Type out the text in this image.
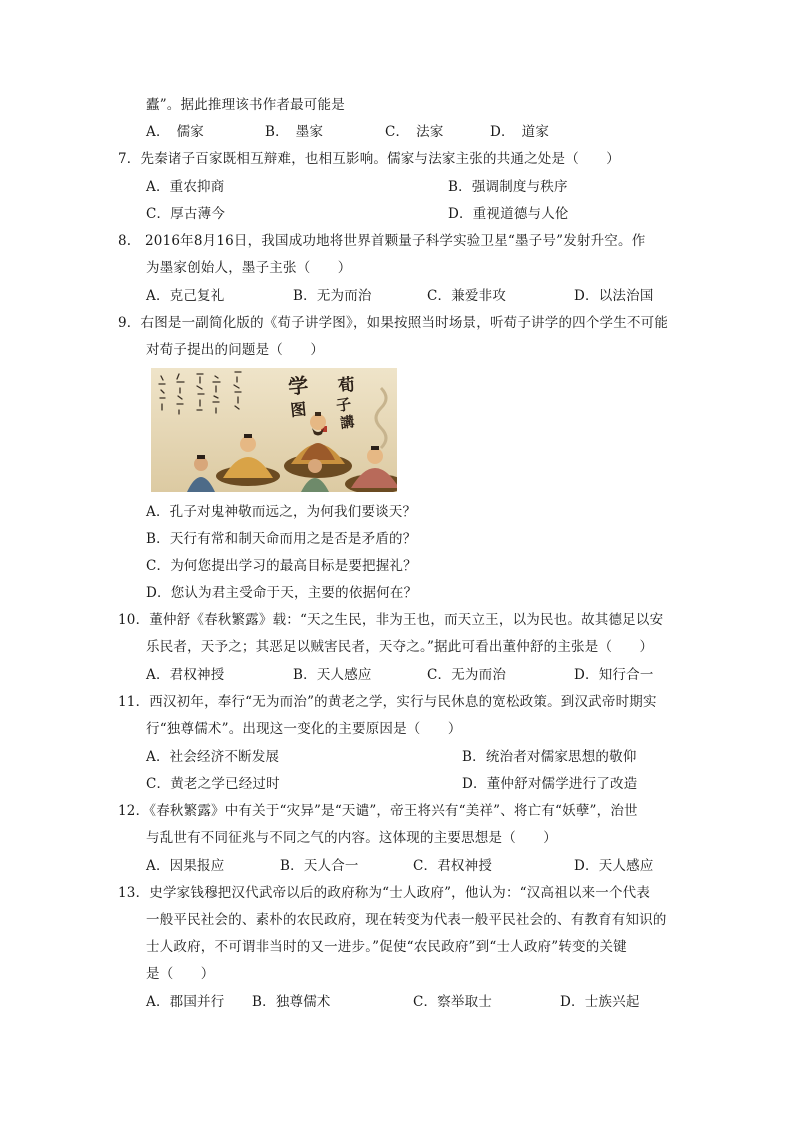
蠹”。据此推理该书作者最可能是
A．　儒家	B．　墨家	C．　法家	D．　道家
7．先秦诸子百家既相互辩难，也相互影响。儒家与法家主张的共通之处是（　　）
A．重农抑商	B．强调制度与秩序
C．厚古薄今	D．重视道德与人伦
8.　2016年8月16日，我国成功地将世界首颗量子科学实验卫星“墨子号”发射升空。作
为墨家创始人，墨子主张（　　）
A．克己复礼	B．无为而治	C．兼爱非攻	D．以法治国
9．右图是一副简化版的《荀子讲学图》，如果按照当时场景，听荀子讲学的四个学生不可能
对荀子提出的问题是（　　）
学
图
荀
子
講
A．孔子对鬼神敬而远之，为何我们要谈天？
B．天行有常和制天命而用之是否是矛盾的？
C．为何您提出学习的最高目标是要把握礼？
D．您认为君主受命于天，主要的依据何在？
10．董仲舒《春秋繁露》载：“天之生民，非为王也，而天立王，以为民也。故其德足以安
乐民者，天予之；其恶足以贼害民者，天夺之。”据此可看出董仲舒的主张是（　　）
A．君权神授	B．天人感应	C．无为而治	D．知行合一
11．西汉初年，奉行“无为而治”的黄老之学，实行与民休息的宽松政策。到汉武帝时期实
行“独尊儒术”。出现这一变化的主要原因是（　　）
A．社会经济不断发展	B．统治者对儒家思想的敬仰
C．黄老之学已经过时	D．董仲舒对儒学进行了改造
12．《春秋繁露》中有关于“灾异”是“天谴”，帝王将兴有“美祥”、将亡有“妖孽”，治世
与乱世有不同征兆与不同之气的内容。这体现的主要思想是（　　）
A．因果报应	B．天人合一	C．君权神授	D．天人感应
13．史学家钱穆把汉代武帝以后的政府称为“士人政府”，他认为：“汉高祖以来一个代表
一般平民社会的、素朴的农民政府，现在转变为代表一般平民社会的、有教育有知识的
士人政府，不可谓非当时的又一进步。”促使“农民政府”到“士人政府”转变的关键
是（　　）
A．郡国并行 B．独尊儒术	C．察举取士	D．士族兴起
